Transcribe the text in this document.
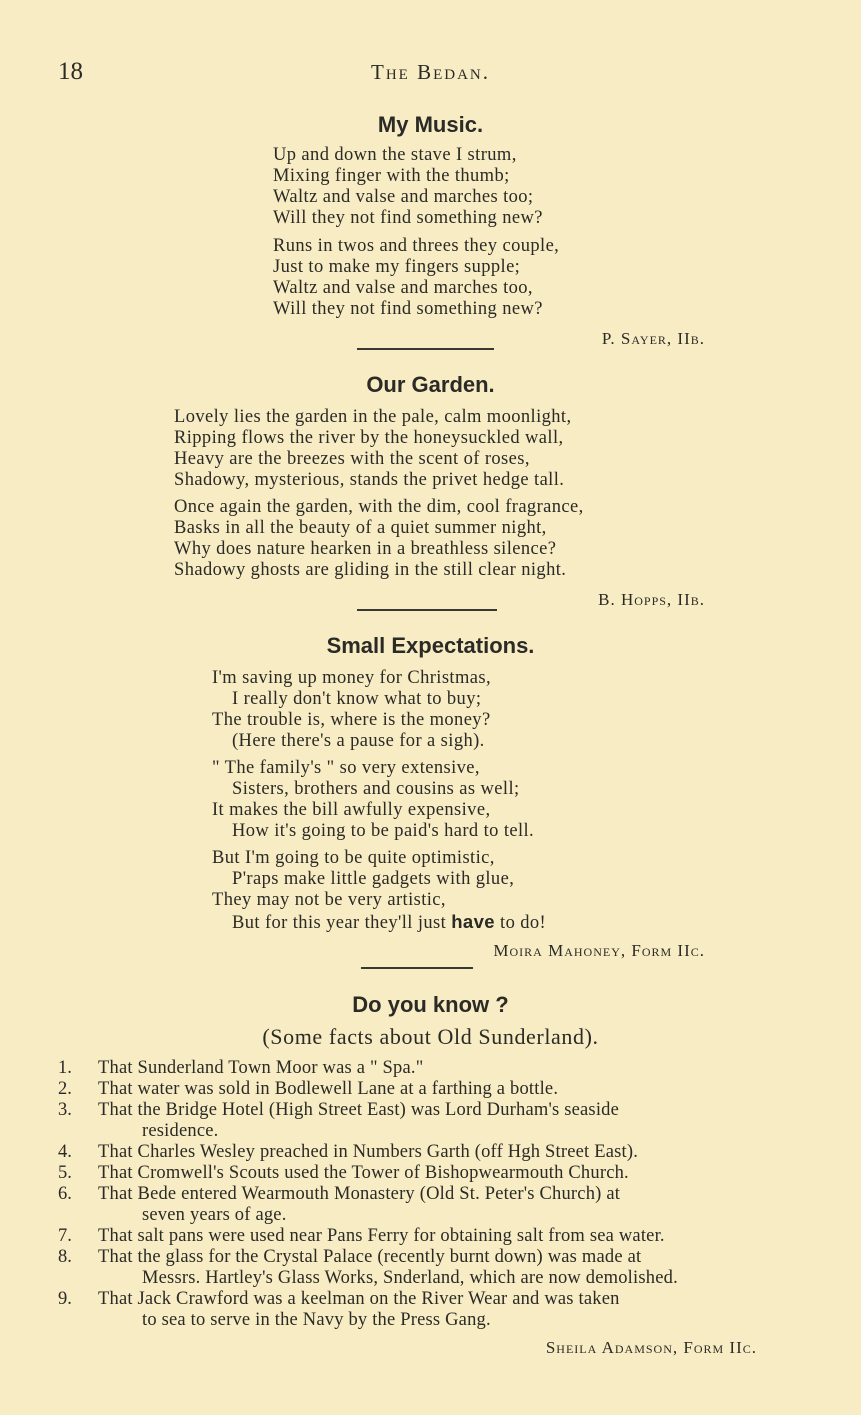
18	The Bedan.
My Music.
Up and down the stave I strum,
Mixing finger with the thumb;
Waltz and valse and marches too;
Will they not find something new?
Runs in twos and threes they couple,
Just to make my fingers supple;
Waltz and valse and marches too,
Will they not find something new?
P. Sayer, IIb.
Our Garden.
Lovely lies the garden in the pale, calm moonlight,
Ripping flows the river by the honeysuckled wall,
Heavy are the breezes with the scent of roses,
Shadowy, mysterious, stands the privet hedge tall.
Once again the garden, with the dim, cool fragrance,
Basks in all the beauty of a quiet summer night,
Why does nature hearken in a breathless silence?
Shadowy ghosts are gliding in the still clear night.
B. Hopps, IIb.
Small Expectations.
I'm saving up money for Christmas,
I really don't know what to buy;
The trouble is, where is the money?
(Here there's a pause for a sigh).
" The family's " so very extensive,
Sisters, brothers and cousins as well;
It makes the bill awfully expensive,
How it's going to be paid's hard to tell.
But I'm going to be quite optimistic,
P'raps make little gadgets with glue,
They may not be very artistic,
But for this year they'll just have to do!
Moira Mahoney, Form IIc.
Do you know ?
(Some facts about Old Sunderland).
1.	That Sunderland Town Moor was a " Spa."
2.	That water was sold in Bodlewell Lane at a farthing a bottle.
3.	That the Bridge Hotel (High Street East) was Lord Durham's seaside
residence.
4.	That Charles Wesley preached in Numbers Garth (off Hgh Street East).
5.	That Cromwell's Scouts used the Tower of Bishopwearmouth Church.
6.	That Bede entered Wearmouth Monastery (Old St. Peter's Church) at
seven years of age.
7.	That salt pans were used near Pans Ferry for obtaining salt from sea water.
8.	That the glass for the Crystal Palace (recently burnt down) was made at
Messrs. Hartley's Glass Works, Snderland, which are now demolished.
9.	That Jack Crawford was a keelman on the River Wear and was taken
to sea to serve in the Navy by the Press Gang.
Sheila Adamson, Form IIc.
